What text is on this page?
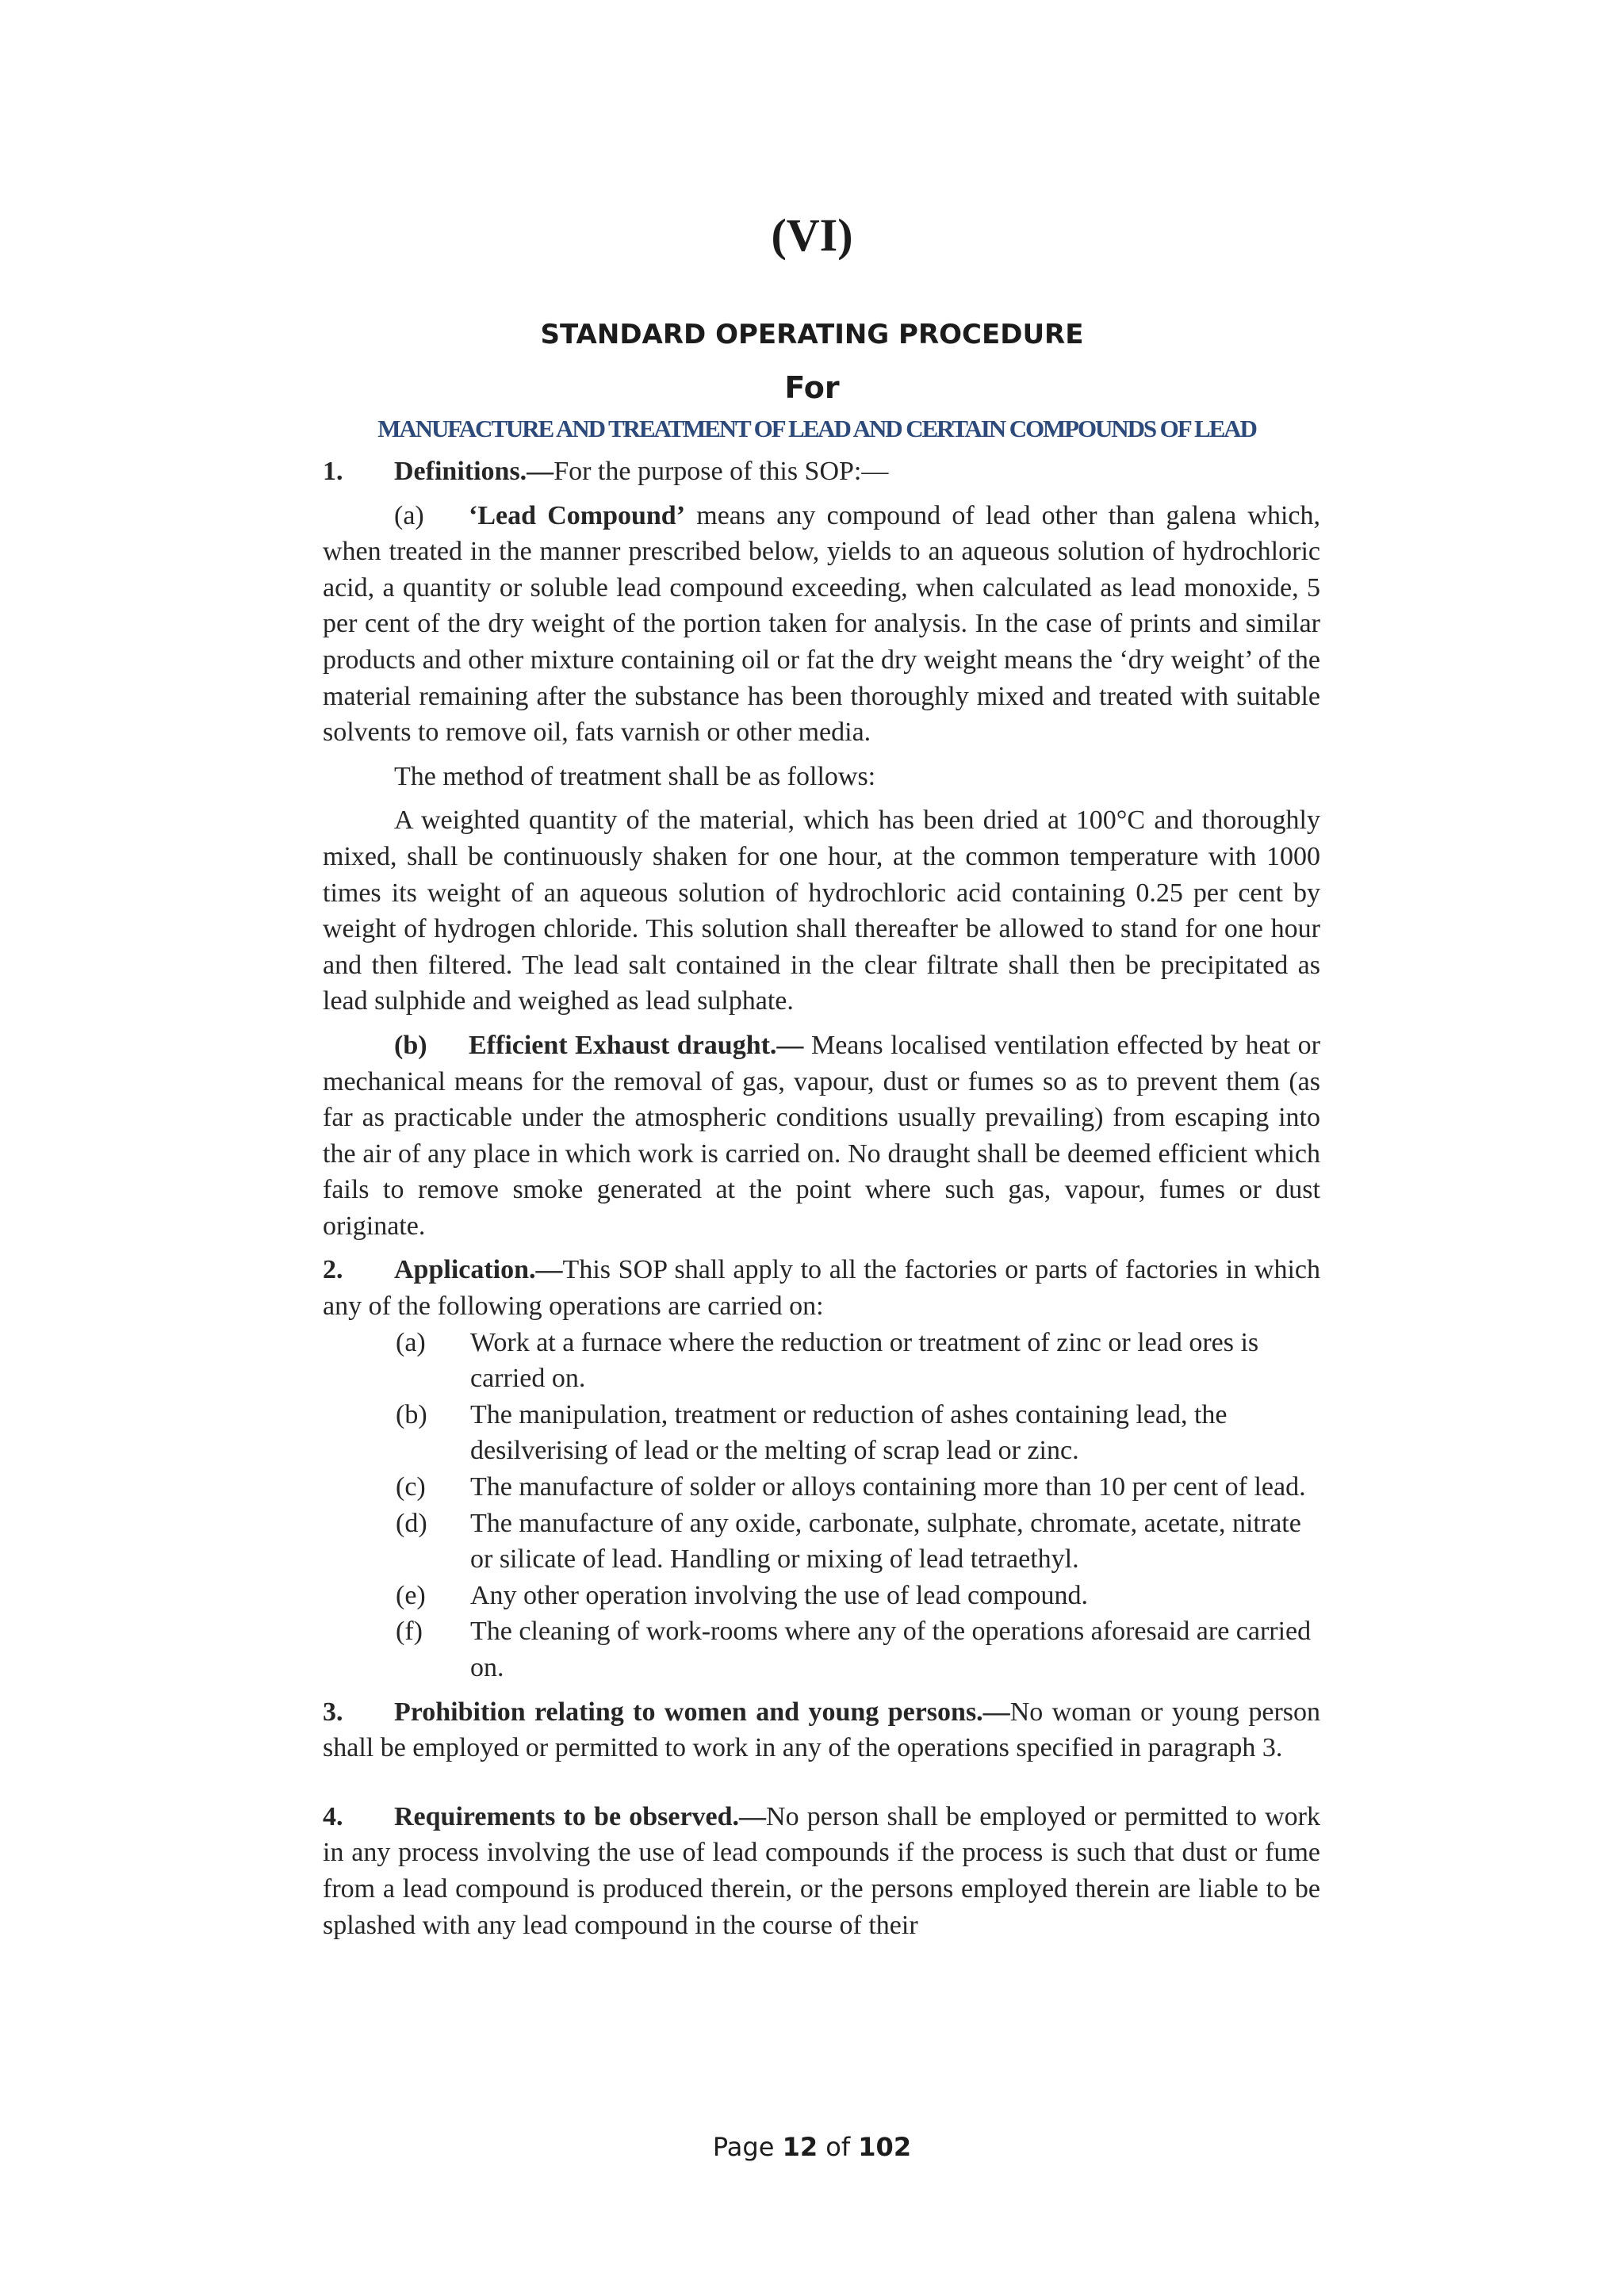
(VI)
STANDARD OPERATING PROCEDURE
For
MANUFACTURE AND TREATMENT OF LEAD AND CERTAIN COMPOUNDS OF LEAD

1. Definitions.—For the purpose of this SOP:—

(a) ‘Lead Compound’ means any compound of lead other than galena which, when treated in the manner prescribed below, yields to an aqueous solution of hydrochloric acid, a quantity or soluble lead compound exceeding, when calculated as lead monoxide, 5 per cent of the dry weight of the portion taken for analysis. In the case of prints and similar products and other mixture containing oil or fat the dry weight means the ‘dry weight’ of the material remaining after the substance has been thoroughly mixed and treated with suitable solvents to remove oil, fats varnish or other media.

The method of treatment shall be as follows:

A weighted quantity of the material, which has been dried at 100°C and thoroughly mixed, shall be continuously shaken for one hour, at the common temperature with 1000 times its weight of an aqueous solution of hydrochloric acid containing 0.25 per cent by weight of hydrogen chloride. This solution shall thereafter be allowed to stand for one hour and then filtered. The lead salt contained in the clear filtrate shall then be precipitated as lead sulphide and weighed as lead sulphate.

(b) Efficient Exhaust draught.— Means localised ventilation effected by heat or mechanical means for the removal of gas, vapour, dust or fumes so as to prevent them (as far as practicable under the atmospheric conditions usually prevailing) from escaping into the air of any place in which work is carried on. No draught shall be deemed efficient which fails to remove smoke generated at the point where such gas, vapour, fumes or dust originate.

2. Application.—This SOP shall apply to all the factories or parts of factories in which any of the following operations are carried on:

(a) Work at a furnace where the reduction or treatment of zinc or lead ores is carried on.

(b) The manipulation, treatment or reduction of ashes containing lead, the desilverising of lead or the melting of scrap lead or zinc.

(c) The manufacture of solder or alloys containing more than 10 per cent of lead.

(d) The manufacture of any oxide, carbonate, sulphate, chromate, acetate, nitrate or silicate of lead. Handling or mixing of lead tetraethyl.

(e) Any other operation involving the use of lead compound.

(f) The cleaning of work-rooms where any of the operations aforesaid are carried on.

3. Prohibition relating to women and young persons.—No woman or young person shall be employed or permitted to work in any of the operations specified in paragraph 3.

4. Requirements to be observed.—No person shall be employed or permitted to work in any process involving the use of lead compounds if the process is such that dust or fume from a lead compound is produced therein, or the persons employed therein are liable to be splashed with any lead compound in the course of their

Page 12 of 102
